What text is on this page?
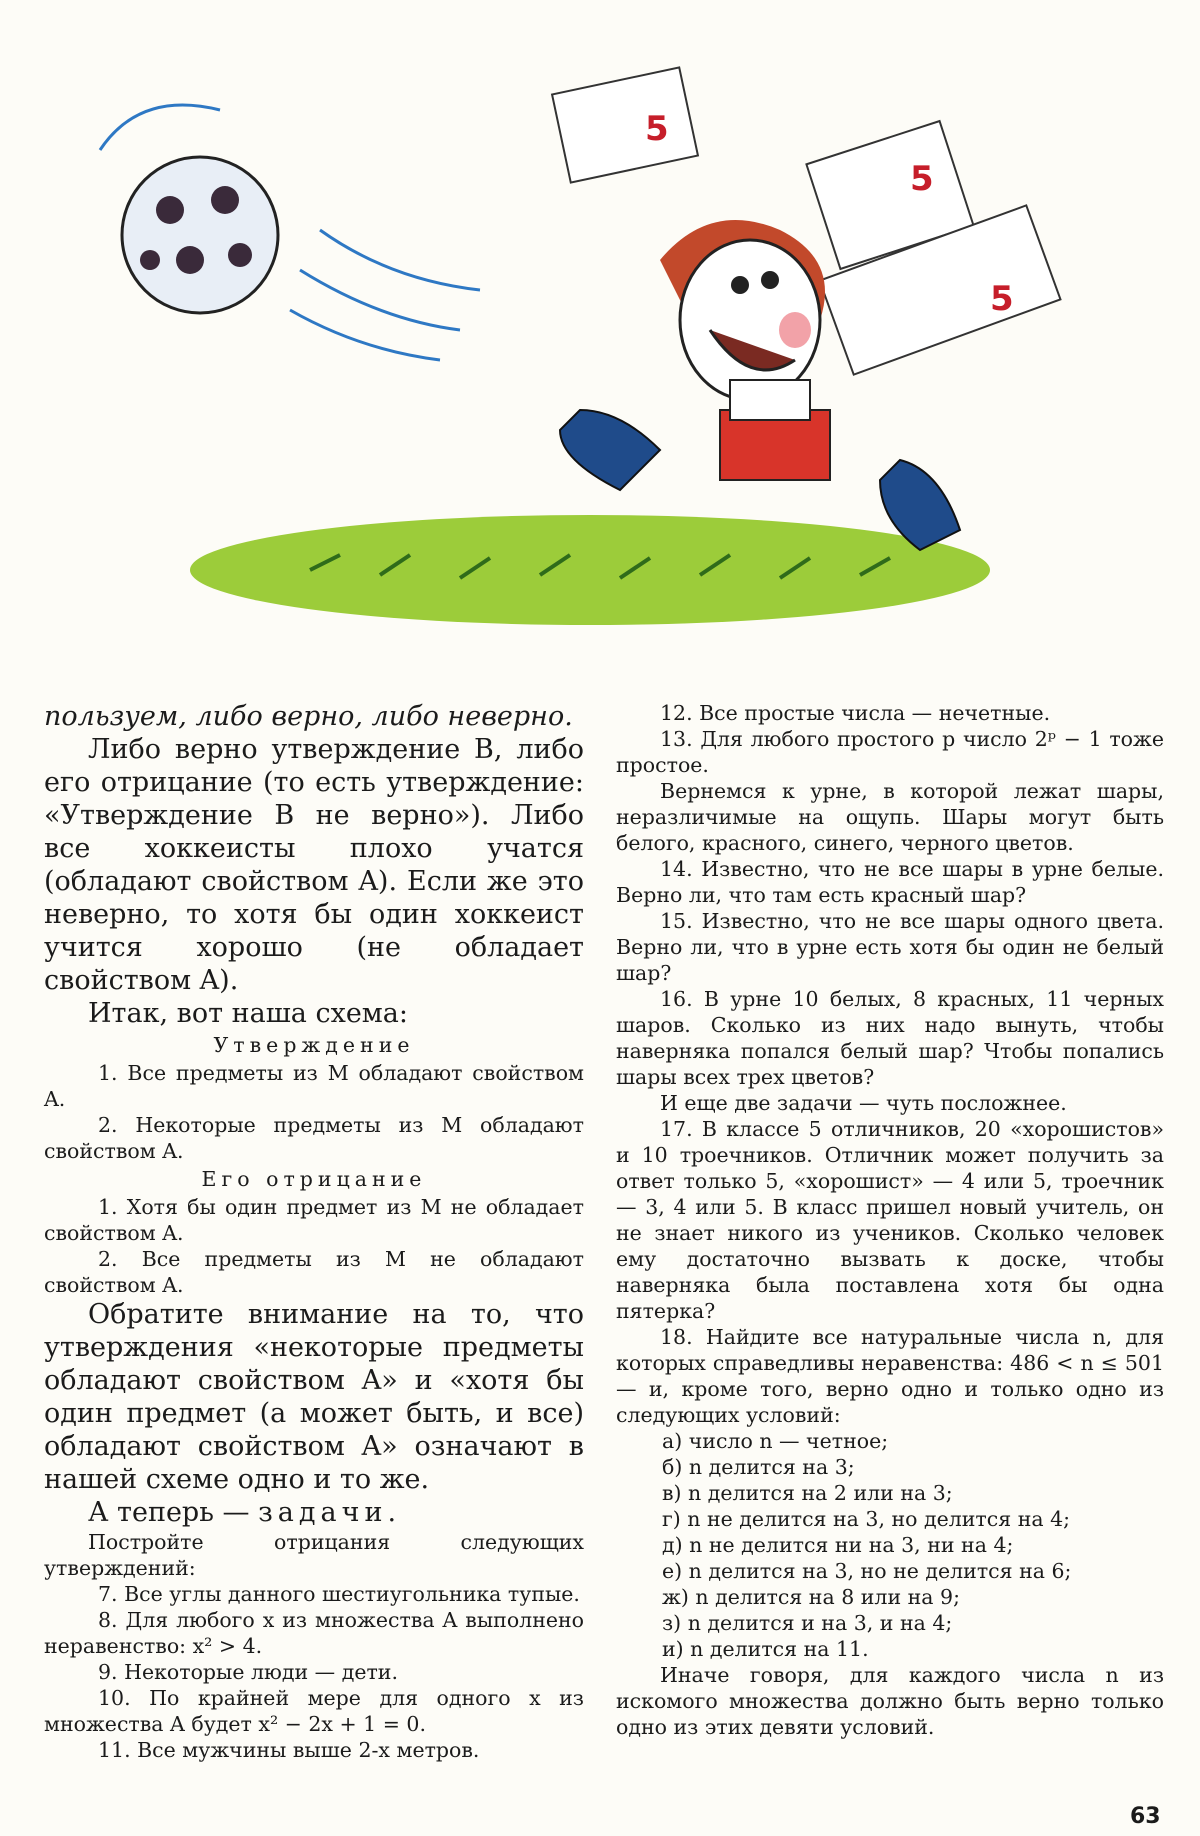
5
5
5

пользуем, либо верно, либо неверно.

Либо верно утверждение B, либо его отрицание (то есть утверждение: «Утверждение B не верно»). Либо все хоккеисты плохо учатся (обладают свойством A). Если же это неверно, то хотя бы один хоккеист учится хорошо (не обладает свойством A).

Итак, вот наша схема:

Утверждение

1. Все предметы из M обладают свойством A.

2. Некоторые предметы из M обладают свойством A.

Его отрицание

1. Хотя бы один предмет из M не обладает свойством A.

2. Все предметы из M не обладают свойством A.

Обратите внимание на то, что утверждения «некоторые предметы обладают свойством A» и «хотя бы один предмет (а может быть, и все) обладают свойством A» означают в нашей схеме одно и то же.

А теперь — задачи.

Постройте отрицания следующих утверждений:

7. Все углы данного шестиугольника тупые.

8. Для любого x из множества A выполнено неравенство: x² > 4.

9. Некоторые люди — дети.

10. По крайней мере для одного x из множества A будет x² − 2x + 1 = 0.

11. Все мужчины выше 2-х метров.

12. Все простые числа — нечетные.

13. Для любого простого p число 2ᵖ − 1 тоже простое.

Вернемся к урне, в которой лежат шары, неразличимые на ощупь. Шары могут быть белого, красного, синего, черного цветов.

14. Известно, что не все шары в урне белые. Верно ли, что там есть красный шар?

15. Известно, что не все шары одного цвета. Верно ли, что в урне есть хотя бы один не белый шар?

16. В урне 10 белых, 8 красных, 11 черных шаров. Сколько из них надо вынуть, чтобы наверняка попался белый шар? Чтобы попались шары всех трех цветов?

И еще две задачи — чуть посложнее.

17. В классе 5 отличников, 20 «хорошистов» и 10 троечников. Отличник может получить за ответ только 5, «хорошист» — 4 или 5, троечник — 3, 4 или 5. В класс пришел новый учитель, он не знает никого из учеников. Сколько человек ему достаточно вызвать к доске, чтобы наверняка была поставлена хотя бы одна пятерка?

18. Найдите все натуральные числа n, для которых справедливы неравенства: 486 < n ≤ 501 — и, кроме того, верно одно и только одно из следующих условий:

а) число n — четное;
б) n делится на 3;
в) n делится на 2 или на 3;
г) n не делится на 3, но делится на 4;
д) n не делится ни на 3, ни на 4;
е) n делится на 3, но не делится на 6;
ж) n делится на 8 или на 9;
з) n делится и на 3, и на 4;
и) n делится на 11.

Иначе говоря, для каждого числа n из искомого множества должно быть верно только одно из этих девяти условий.

63
